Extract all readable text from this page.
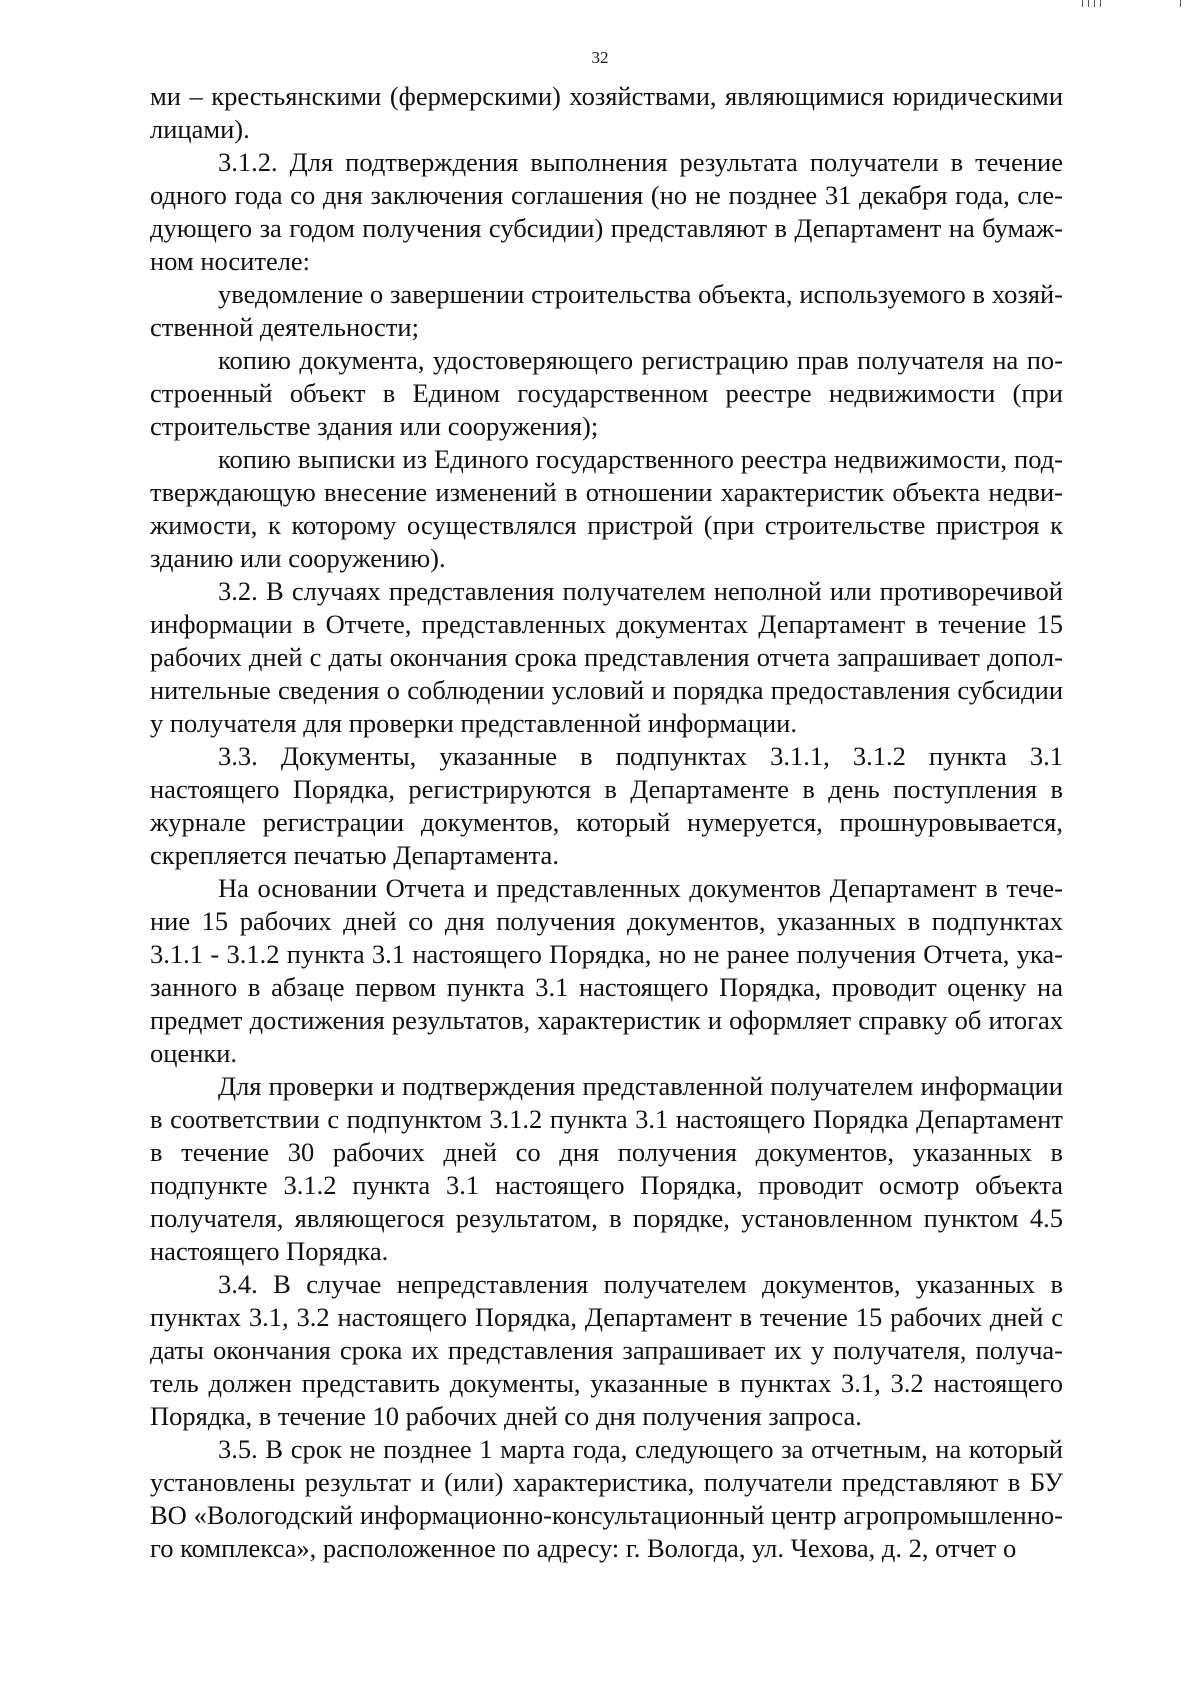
32

ми – крестьянскими (фермерскими) хозяйствами, являющимися юридическими лицами).

3.1.2. Для подтверждения выполнения результата получатели в течение одного года со дня заключения соглашения (но не позднее 31 декабря года, следующего за годом получения субсидии) представляют в Департамент на бумажном носителе:

уведомление о завершении строительства объекта, используемого в хозяйственной деятельности;

копию документа, удостоверяющего регистрацию прав получателя на построенный объект в Едином государственном реестре недвижимости (при строительстве здания или сооружения);

копию выписки из Единого государственного реестра недвижимости, подтверждающую внесение изменений в отношении характеристик объекта недвижимости, к которому осуществлялся пристрой (при строительстве пристроя к зданию или сооружению).

3.2. В случаях представления получателем неполной или противоречивой информации в Отчете, представленных документах Департамент в течение 15 рабочих дней с даты окончания срока представления отчета запрашивает дополнительные сведения о соблюдении условий и порядка предоставления субсидии у получателя для проверки представленной информации.

3.3. Документы, указанные в подпунктах 3.1.1, 3.1.2 пункта 3.1 настоящего Порядка, регистрируются в Департаменте в день поступления в журнале регистрации документов, который нумеруется, прошнуровывается, скрепляется печатью Департамента.

На основании Отчета и представленных документов Департамент в течение 15 рабочих дней со дня получения документов, указанных в подпунктах 3.1.1 - 3.1.2 пункта 3.1 настоящего Порядка, но не ранее получения Отчета, указанного в абзаце первом пункта 3.1 настоящего Порядка, проводит оценку на предмет достижения результатов, характеристик и оформляет справку об итогах оценки.

Для проверки и подтверждения представленной получателем информации в соответствии с подпунктом 3.1.2 пункта 3.1 настоящего Порядка Департамент в течение 30 рабочих дней со дня получения документов, указанных в подпункте 3.1.2 пункта 3.1 настоящего Порядка, проводит осмотр объекта получателя, являющегося результатом, в порядке, установленном пунктом 4.5 настоящего Порядка.

3.4. В случае непредставления получателем документов, указанных в пунктах 3.1, 3.2 настоящего Порядка, Департамент в течение 15 рабочих дней с даты окончания срока их представления запрашивает их у получателя, получатель должен представить документы, указанные в пунктах 3.1, 3.2 настоящего Порядка, в течение 10 рабочих дней со дня получения запроса.

3.5. В срок не позднее 1 марта года, следующего за отчетным, на который установлены результат и (или) характеристика, получатели представляют в БУ ВО «Вологодский информационно-консультационный центр агропромышленного комплекса», расположенное по адресу: г. Вологда, ул. Чехова, д. 2, отчет о
